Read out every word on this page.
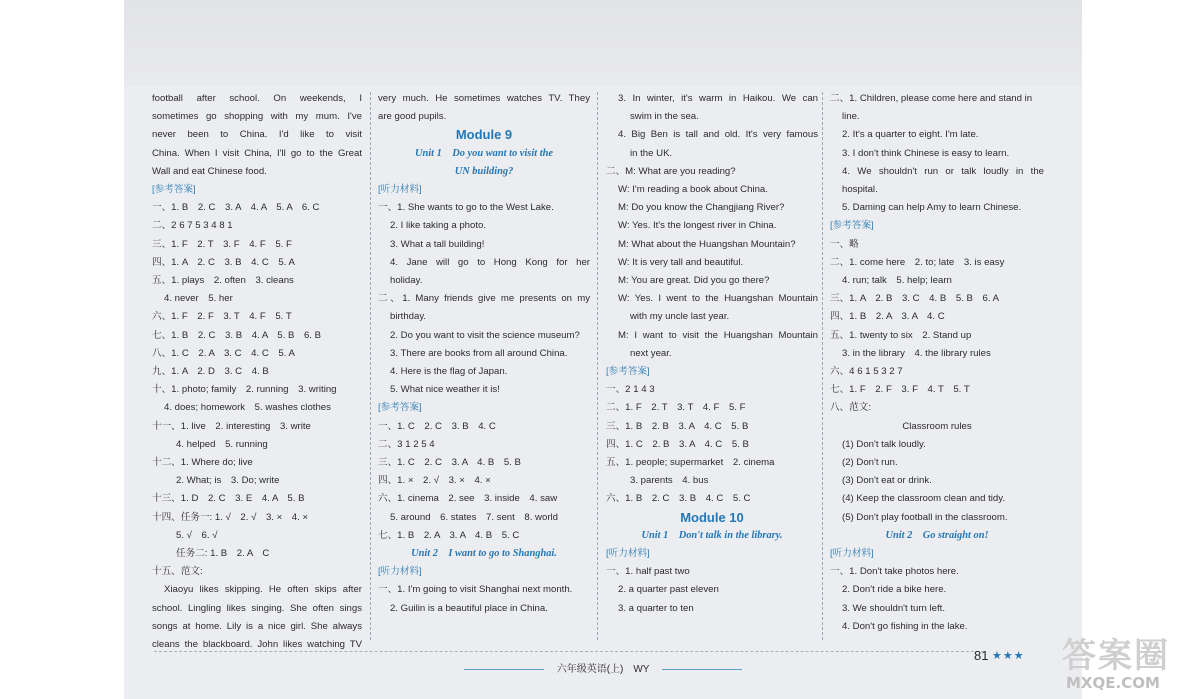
football after school. On weekends, I
sometimes go shopping with my mum. I've
never been to China. I'd like to visit
China. When I visit China, I'll go to the Great
Wall and eat Chinese food.
[参考答案]
一、1. B　2. C　3. A　4. A　5. A　6. C
二、2 6 7 5 3 4 8 1
三、1. F　2. T　3. F　4. F　5. F
四、1. A　2. C　3. B　4. C　5. A
五、1. plays　2. often　3. cleans
4. never　5. her
六、1. F　2. F　3. T　4. F　5. T
七、1. B　2. C　3. B　4. A　5. B　6. B
八、1. C　2. A　3. C　4. C　5. A
九、1. A　2. D　3. C　4. B
十、1. photo; family　2. running　3. writing
4. does; homework　5. washes clothes
十一、1. live　2. interesting　3. write
4. helped　5. running
十二、1. Where do; live
2. What; is　3. Do; write
十三、1. D　2. C　3. E　4. A　5. B
十四、任务一: 1. √　2. √　3. ×　4. ×
5. √　6. √
任务二: 1. B　2. A　C
十五、范文:
Xiaoyu likes skipping. He often skips after
school. Lingling likes singing. She often sings
songs at home. Lily is a nice girl. She always
cleans the blackboard. John likes watching TV
very much. He sometimes watches TV. They
are good pupils.
Module 9
Unit 1　Do you want to visit the
UN building?
[听力材料]
一、1. She wants to go to the West Lake.
2. I like taking a photo.
3. What a tall building!
4. Jane will go to Hong Kong for her
holiday.
二、1. Many friends give me presents on my
birthday.
2. Do you want to visit the science museum?
3. There are books from all around China.
4. Here is the flag of Japan.
5. What nice weather it is!
[参考答案]
一、1. C　2. C　3. B　4. C
二、3 1 2 5 4
三、1. C　2. C　3. A　4. B　5. B
四、1. ×　2. √　3. ×　4. ×
六、1. cinema　2. see　3. inside　4. saw
5. around　6. states　7. sent　8. world
七、1. B　2. A　3. A　4. B　5. C
Unit 2　I want to go to Shanghai.
[听力材料]
一、1. I'm going to visit Shanghai next month.
2. Guilin is a beautiful place in China.
3. In winter, it's warm in Haikou. We can
swim in the sea.
4. Big Ben is tall and old. It's very famous
in the UK.
二、M: What are you reading?
W: I'm reading a book about China.
M: Do you know the Changjiang River?
W: Yes. It's the longest river in China.
M: What about the Huangshan Mountain?
W: It is very tall and beautiful.
M: You are great. Did you go there?
W: Yes. I went to the Huangshan Mountain
with my uncle last year.
M: I want to visit the Huangshan Mountain
next year.
[参考答案]
一、2 1 4 3
二、1. F　2. T　3. T　4. F　5. F
三、1. B　2. B　3. A　4. C　5. B
四、1. C　2. B　3. A　4. C　5. B
五、1. people; supermarket　2. cinema
3. parents　4. bus
六、1. B　2. C　3. B　4. C　5. C
Module 10
Unit 1　Don't talk in the library.
[听力材料]
一、1. half past two
2. a quarter past eleven
3. a quarter to ten
二、1. Children, please come here and stand in
line.
2. It's a quarter to eight. I'm late.
3. I don't think Chinese is easy to learn.
4. We shouldn't run or talk loudly in the
hospital.
5. Daming can help Amy to learn Chinese.
[参考答案]
一、略
二、1. come here　2. to; late　3. is easy
4. run; talk　5. help; learn
三、1. A　2. B　3. C　4. B　5. B　6. A
四、1. B　2. A　3. A　4. C
五、1. twenty to six　2. Stand up
3. in the library　4. the library rules
六、4 6 1 5 3 2 7
七、1. F　2. F　3. F　4. T　5. T
八、范文:
Classroom rules
(1) Don't talk loudly.
(2) Don't run.
(3) Don't eat or drink.
(4) Keep the classroom clean and tidy.
(5) Don't play football in the classroom.
Unit 2　Go straight on!
[听力材料]
一、1. Don't take photos here.
2. Don't ride a bike here.
3. We shouldn't turn left.
4. Don't go fishing in the lake.
六年级英语(上)　WY
81 ★★★ 答案圈
MXQE.COM
